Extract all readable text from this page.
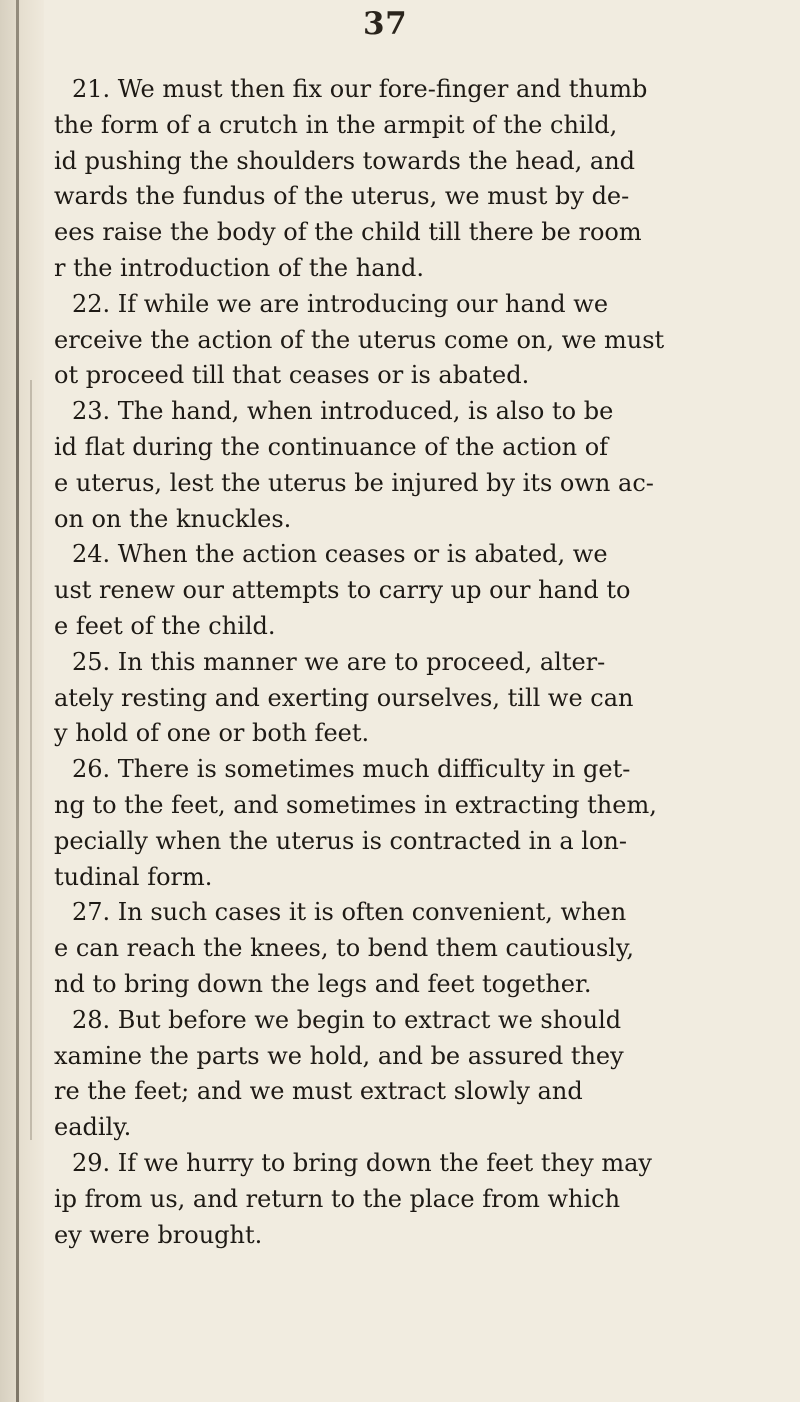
37
21. We must then fix our fore-finger and thumb
the form of a crutch in the armpit of the child,
id pushing the shoulders towards the head, and
wards the fundus of the uterus, we must by de-
ees raise the body of the child till there be room
r the introduction of the hand.
22. If while we are introducing our hand we
erceive the action of the uterus come on, we must
ot proceed till that ceases or is abated.
23. The hand, when introduced, is also to be
id flat during the continuance of the action of
e uterus, lest the uterus be injured by its own ac-
on on the knuckles.
24. When the action ceases or is abated, we
ust renew our attempts to carry up our hand to
e feet of the child.
25. In this manner we are to proceed, alter-
ately resting and exerting ourselves, till we can
y hold of one or both feet.
26. There is sometimes much difficulty in get-
ng to the feet, and sometimes in extracting them,
pecially when the uterus is contracted in a lon-
tudinal form.
27. In such cases it is often convenient, when
e can reach the knees, to bend them cautiously,
nd to bring down the legs and feet together.
28. But before we begin to extract we should
xamine the parts we hold, and be assured they
re the feet; and we must extract slowly and
eadily.
29. If we hurry to bring down the feet they may
ip from us, and return to the place from which
ey were brought.
